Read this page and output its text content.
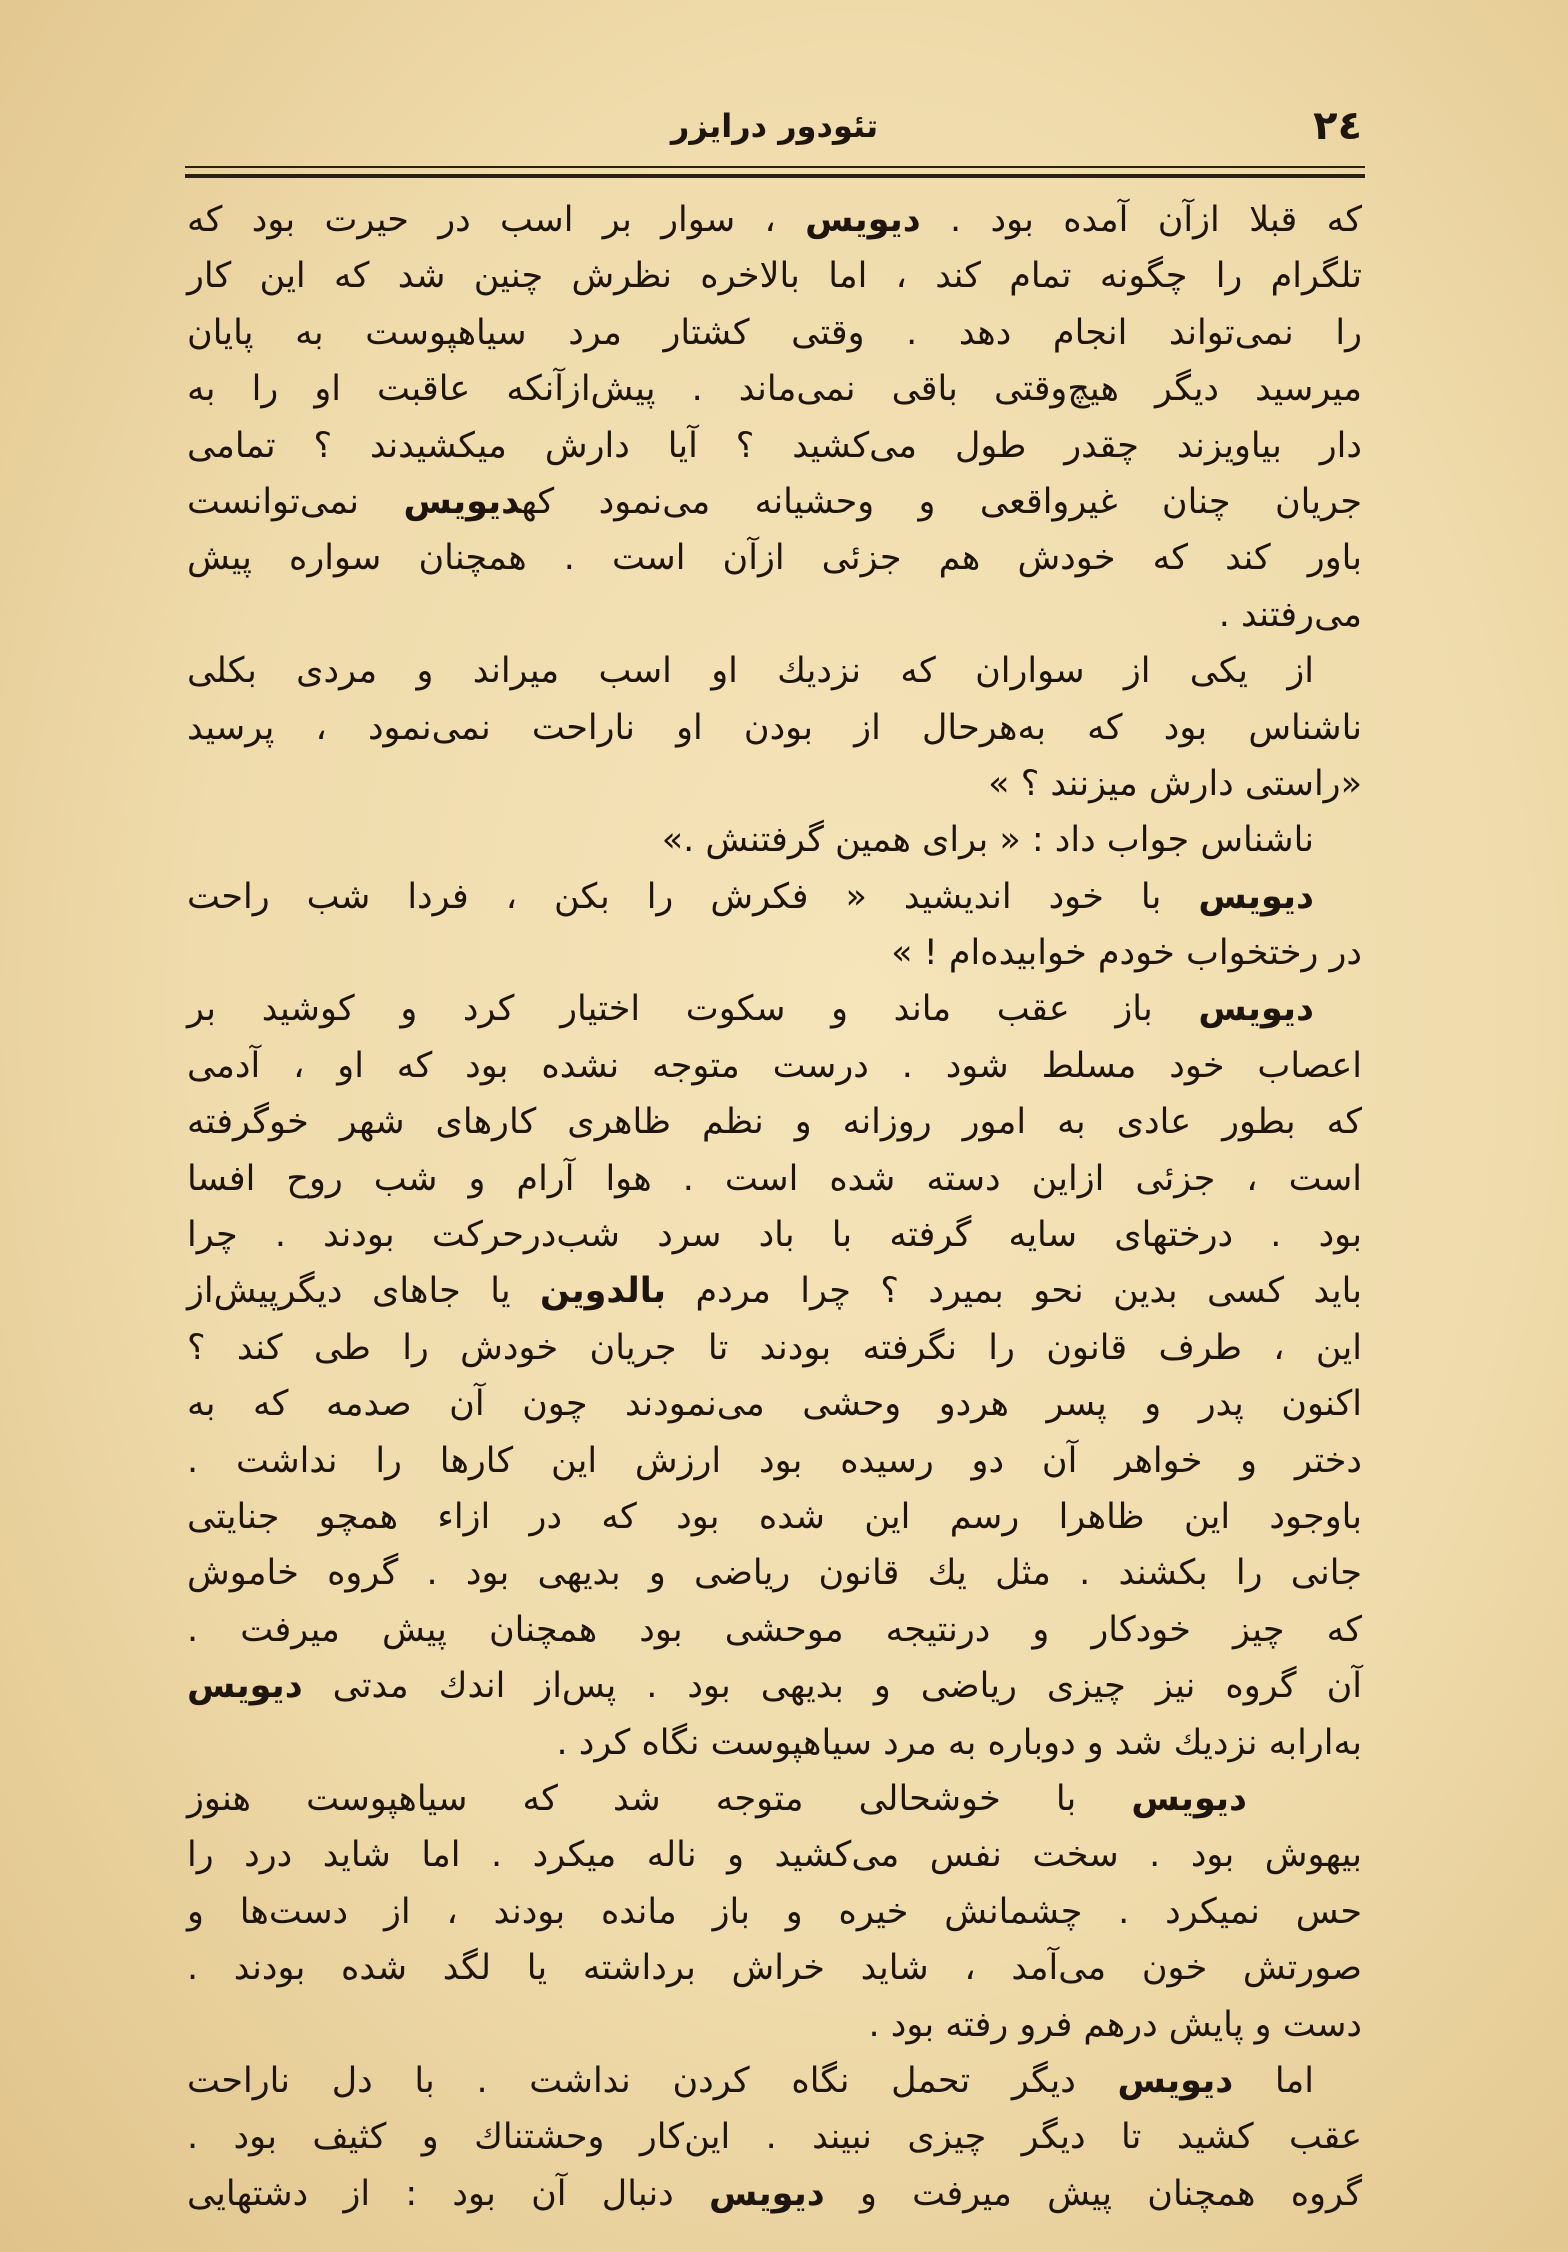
٢٤
تئودور درایزر
که قبلا ازآن آمده بود . دیویس ، سوار بر اسب در حیرت بود که
تلگرام را چگونه تمام کند ، اما بالاخره نظرش چنین شد که این کار
را نمی‌تواند انجام دهد . وقتی کشتار مرد سیاهپوست به پایان
میرسید دیگر هیچ‌وقتی باقی نمی‌ماند . پیش‌ازآنکه عاقبت او را به
دار بیاویزند چقدر طول می‌کشید ؟ آیا دارش میکشیدند ؟ تمامی
جریان چنان غیرواقعی و وحشیانه می‌نمود کهدیویس نمی‌توانست
باور کند که خودش هم جزئی ازآن است . همچنان سواره پیش
می‌رفتند .
از یکی از سواران که نزدیك او اسب میراند و مردی بکلی
ناشناس بود که به‌هرحال از بودن او ناراحت نمی‌نمود ، پرسید
«راستی دارش میزنند ؟ »
ناشناس جواب داد : « برای همین گرفتنش .»
دیویس با خود اندیشید « فکرش را بکن ، فردا شب راحت
در رختخواب خودم خوابیده‌ام ! »
دیویس باز عقب ماند و سکوت اختیار کرد و کوشید بر
اعصاب خود مسلط شود . درست متوجه نشده بود که او ، آدمی
که بطور عادی به امور روزانه و نظم ظاهری کارهای شهر خوگرفته
است ، جزئی ازاین دسته شده است . هوا آرام و شب روح افسا
بود . درختهای سایه گرفته با باد سرد شب‌درحرکت بودند . چرا
باید کسی بدین نحو بمیرد ؟ چرا مردم بالدوین یا جاهای دیگرپیش‌از
این ، طرف قانون را نگرفته بودند تا جریان خودش را طی کند ؟
اکنون پدر و پسر هردو وحشی می‌نمودند چون آن صدمه که به
دختر و خواهر آن دو رسیده بود ارزش این کارها را نداشت .
باوجود این ظاهرا رسم این شده بود که در ازاء همچو جنایتی
جانی را بکشند . مثل یك قانون ریاضی و بدیهی بود . گروه خاموش
که چیز خودکار و درنتیجه موحشی بود همچنان پیش میرفت .
آن گروه نیز چیزی ریاضی و بدیهی بود . پس‌از اندك مدتی دیویس
به‌ارابه نزدیك شد و دوباره به مرد سیاهپوست نگاه کرد .
دیویس با خوشحالی متوجه شد که سیاهپوست هنوز
بیهوش بود . سخت نفس می‌کشید و ناله میکرد . اما شاید درد را
حس نمیکرد . چشمانش خیره و باز مانده بودند ، از دست‌ها و
صورتش خون می‌آمد ، شاید خراش برداشته یا لگد شده بودند .
دست و پایش درهم فرو رفته بود .
اما دیویس دیگر تحمل نگاه کردن نداشت . با دل ناراحت
عقب کشید تا دیگر چیزی نبیند . این‌کار وحشتناك و کثیف بود .
گروه همچنان پیش میرفت و دیویس دنبال آن بود : از دشتهایی
